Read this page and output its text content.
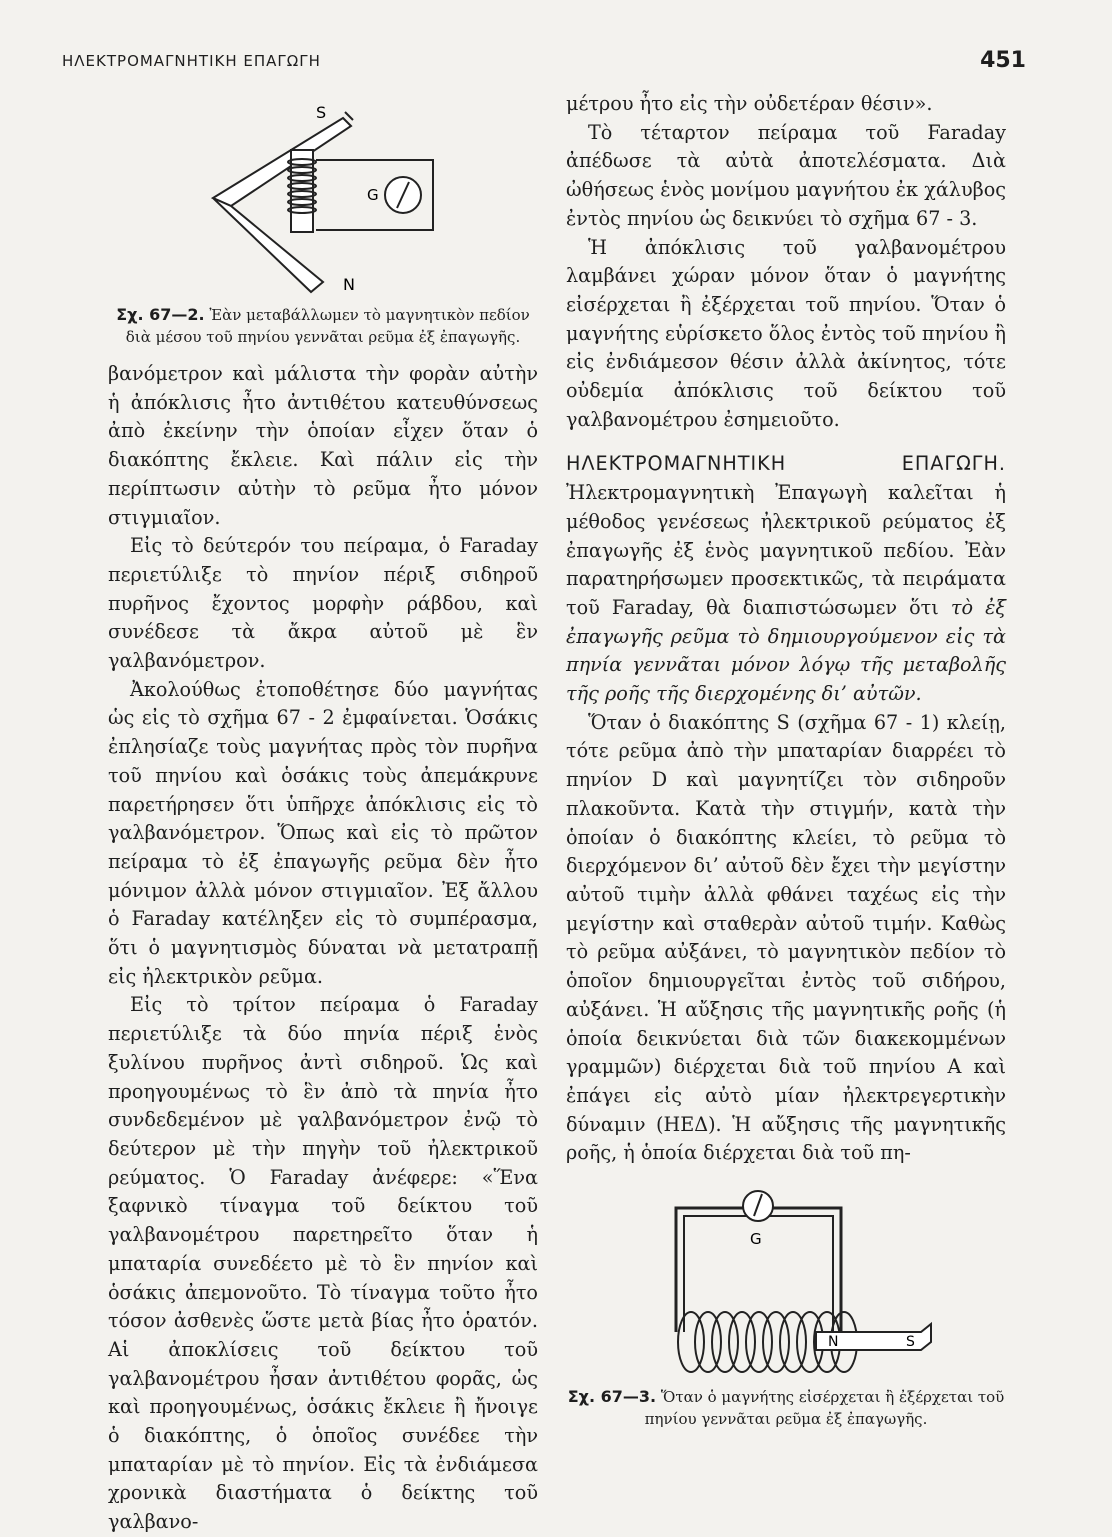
ΗΛΕΚΤΡΟΜΑΓΝΗΤΙΚΗ ΕΠΑΓΩΓΗ	451
S
N
G
Σχ. 67—2. Ἐὰν μεταβάλλωμεν τὸ μαγνητικὸν πεδίον διὰ μέσου τοῦ πηνίου γεννᾶται ρεῦμα ἐξ ἐπαγωγῆς.

βανόμετρον καὶ μάλιστα τὴν φορὰν αὐτὴν ἡ ἀπόκλισις ἦτο ἀντιθέτου κατευθύνσεως ἀπὸ ἐκείνην τὴν ὁποίαν εἶχεν ὅταν ὁ διακόπτης ἔκλειε. Καὶ πάλιν εἰς τὴν περίπτωσιν αὐτὴν τὸ ρεῦμα ἦτο μόνον στιγμιαῖον.

Εἰς τὸ δεύτερόν του πείραμα, ὁ Faraday περιετύλιξε τὸ πηνίον πέριξ σιδηροῦ πυρῆνος ἔχοντος μορφὴν ράβδου, καὶ συνέδεσε τὰ ἄκρα αὐτοῦ μὲ ἓν γαλβανόμετρον.

Ἀκολούθως ἐτοποθέτησε δύο μαγνήτας ὡς εἰς τὸ σχῆμα 67 - 2 ἐμφαίνεται. Ὁσάκις ἐπλησίαζε τοὺς μαγνήτας πρὸς τὸν πυρῆνα τοῦ πηνίου καὶ ὁσάκις τοὺς ἀπεμάκρυνε παρετήρησεν ὅτι ὑπῆρχε ἀπόκλισις εἰς τὸ γαλβανόμετρον. Ὅπως καὶ εἰς τὸ πρῶτον πείραμα τὸ ἐξ ἐπαγωγῆς ρεῦμα δὲν ἦτο μόνιμον ἀλλὰ μόνον στιγμιαῖον. Ἐξ ἄλλου ὁ Faraday κατέληξεν εἰς τὸ συμπέρασμα, ὅτι ὁ μαγνητισμὸς δύναται νὰ μετατραπῇ εἰς ἠλεκτρικὸν ρεῦμα.

Εἰς τὸ τρίτον πείραμα ὁ Faraday περιετύλιξε τὰ δύο πηνία πέριξ ἑνὸς ξυλίνου πυρῆνος ἀντὶ σιδηροῦ. Ὡς καὶ προηγουμένως τὸ ἓν ἀπὸ τὰ πηνία ἦτο συνδεδεμένον μὲ γαλβανόμετρον ἐνῷ τὸ δεύτερον μὲ τὴν πηγὴν τοῦ ἠλεκτρικοῦ ρεύματος. Ὁ Faraday ἀνέφερε: «Ἕνα ξαφνικὸ τίναγμα τοῦ δείκτου τοῦ γαλβανομέτρου παρετηρεῖτο ὅταν ἡ μπαταρία συνεδέετο μὲ τὸ ἓν πηνίον καὶ ὁσάκις ἀπεμονοῦτο. Τὸ τίναγμα τοῦτο ἦτο τόσον ἀσθενὲς ὥστε μετὰ βίας ἦτο ὁρατόν. Αἱ ἀποκλίσεις τοῦ δείκτου τοῦ γαλβανομέτρου ἦσαν ἀντιθέτου φορᾶς, ὡς καὶ προηγουμένως, ὁσάκις ἔκλειε ἢ ἤνοιγε ὁ διακόπτης, ὁ ὁποῖος συνέδεε τὴν μπαταρίαν μὲ τὸ πηνίον. Εἰς τὰ ἐνδιάμεσα χρονικὰ διαστήματα ὁ δείκτης τοῦ γαλβανο-

μέτρου ἦτο εἰς τὴν οὐδετέραν θέσιν».

Τὸ τέταρτον πείραμα τοῦ Faraday ἀπέδωσε τὰ αὐτὰ ἀποτελέσματα. Διὰ ὠθήσεως ἑνὸς μονίμου μαγνήτου ἐκ χάλυβος ἐντὸς πηνίου ὡς δεικνύει τὸ σχῆμα 67 - 3.

Ἡ ἀπόκλισις τοῦ γαλβανομέτρου λαμβάνει χώραν μόνον ὅταν ὁ μαγνήτης εἰσέρχεται ἢ ἐξέρχεται τοῦ πηνίου. Ὅταν ὁ μαγνήτης εὑρίσκετο ὅλος ἐντὸς τοῦ πηνίου ἢ εἰς ἐνδιάμεσον θέσιν ἀλλὰ ἀκίνητος, τότε οὐδεμία ἀπόκλισις τοῦ δείκτου τοῦ γαλβανομέτρου ἐσημειοῦτο.

ΗΛΕΚΤΡΟΜΑΓΝΗΤΙΚΗ ΕΠΑΓΩΓΗ. Ἠλεκτρομαγνητικὴ Ἐπαγωγὴ καλεῖται ἡ μέθοδος γενέσεως ἠλεκτρικοῦ ρεύματος ἐξ ἐπαγωγῆς ἐξ ἑνὸς μαγνητικοῦ πεδίου. Ἐὰν παρατηρήσωμεν προσεκτικῶς, τὰ πειράματα τοῦ Faraday, θὰ διαπιστώσωμεν ὅτι τὸ ἐξ ἐπαγωγῆς ρεῦμα τὸ δημιουργούμενον εἰς τὰ πηνία γεννᾶται μόνον λόγῳ τῆς μεταβολῆς τῆς ροῆς τῆς διερχομένης δι’ αὐτῶν.

Ὅταν ὁ διακόπτης S (σχῆμα 67 - 1) κλείῃ, τότε ρεῦμα ἀπὸ τὴν μπαταρίαν διαρρέει τὸ πηνίον D καὶ μαγνητίζει τὸν σιδηροῦν πλακοῦντα. Κατὰ τὴν στιγμήν, κατὰ τὴν ὁποίαν ὁ διακόπτης κλείει, τὸ ρεῦμα τὸ διερχόμενον δι’ αὐτοῦ δὲν ἔχει τὴν μεγίστην αὐτοῦ τιμὴν ἀλλὰ φθάνει ταχέως εἰς τὴν μεγίστην καὶ σταθερὰν αὐτοῦ τιμήν. Καθὼς τὸ ρεῦμα αὐξάνει, τὸ μαγνητικὸν πεδίον τὸ ὁποῖον δημιουργεῖται ἐντὸς τοῦ σιδήρου, αὐξάνει. Ἡ αὔξησις τῆς μαγνητικῆς ροῆς (ἡ ὁποία δεικνύεται διὰ τῶν διακεκομμένων γραμμῶν) διέρχεται διὰ τοῦ πηνίου Α καὶ ἐπάγει εἰς αὐτὸ μίαν ἠλεκτρεγερτικὴν δύναμιν (ΗΕΔ). Ἡ αὔξησις τῆς μαγνητικῆς ροῆς, ἡ ὁποία διέρχεται διὰ τοῦ πη-

G
N	S
Σχ. 67—3. Ὅταν ὁ μαγνήτης εἰσέρχεται ἢ ἐξέρχεται τοῦ πηνίου γεννᾶται ρεῦμα ἐξ ἐπαγωγῆς.
